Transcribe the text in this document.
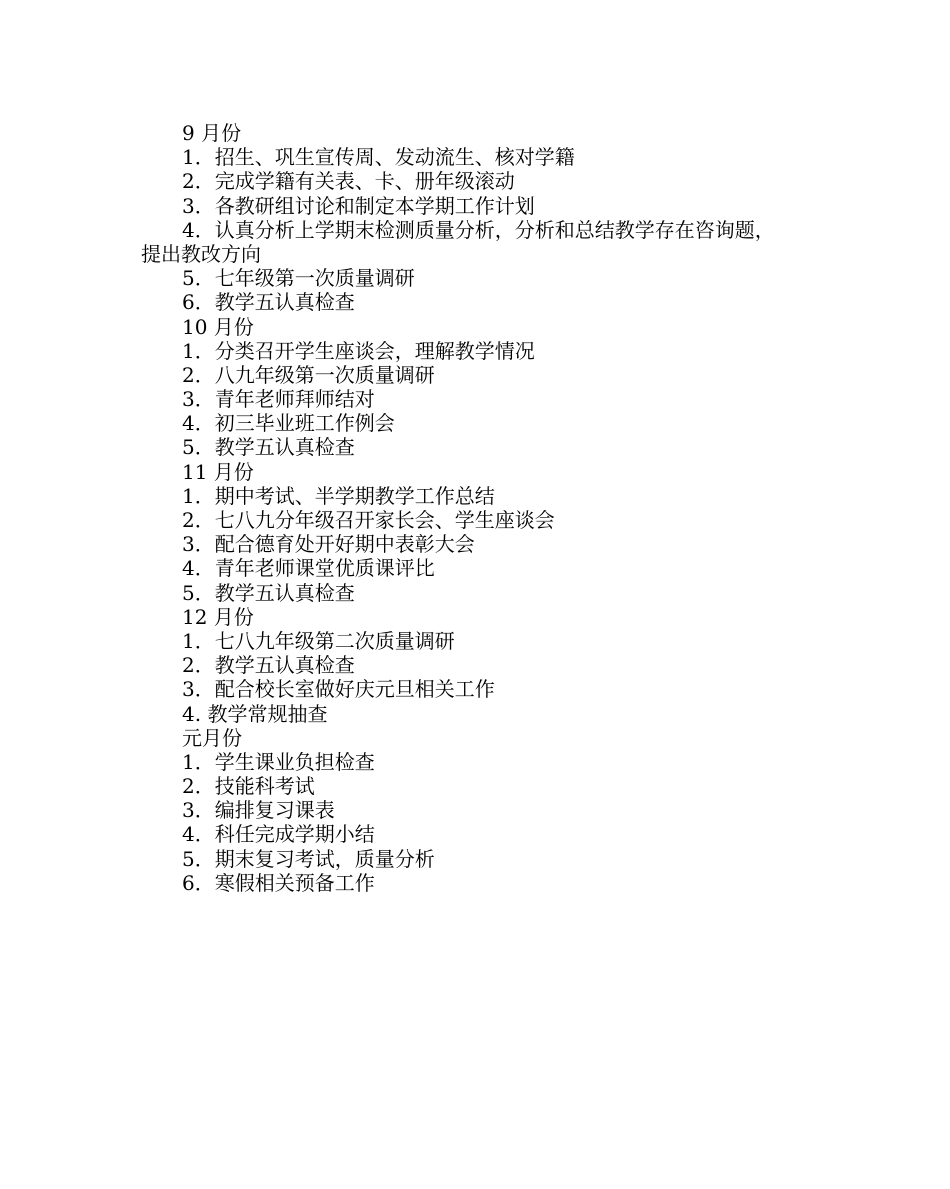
9 月份
1．招生、巩生宣传周、发动流生、核对学籍
2．完成学籍有关表、卡、册年级滚动
3．各教研组讨论和制定本学期工作计划
4．认真分析上学期末检测质量分析，分析和总结教学存在咨询题，
提出教改方向
5．七年级第一次质量调研
6．教学五认真检查
10 月份
1．分类召开学生座谈会，理解教学情况
2．八九年级第一次质量调研
3．青年老师拜师结对
4．初三毕业班工作例会
5．教学五认真检查
11 月份
1．期中考试、半学期教学工作总结
2．七八九分年级召开家长会、学生座谈会
3．配合德育处开好期中表彰大会
4．青年老师课堂优质课评比
5．教学五认真检查
12 月份
1．七八九年级第二次质量调研
2．教学五认真检查
3．配合校长室做好庆元旦相关工作
4. 教学常规抽查
元月份
1．学生课业负担检查
2．技能科考试
3．编排复习课表
4．科任完成学期小结
5．期末复习考试，质量分析
6．寒假相关预备工作
